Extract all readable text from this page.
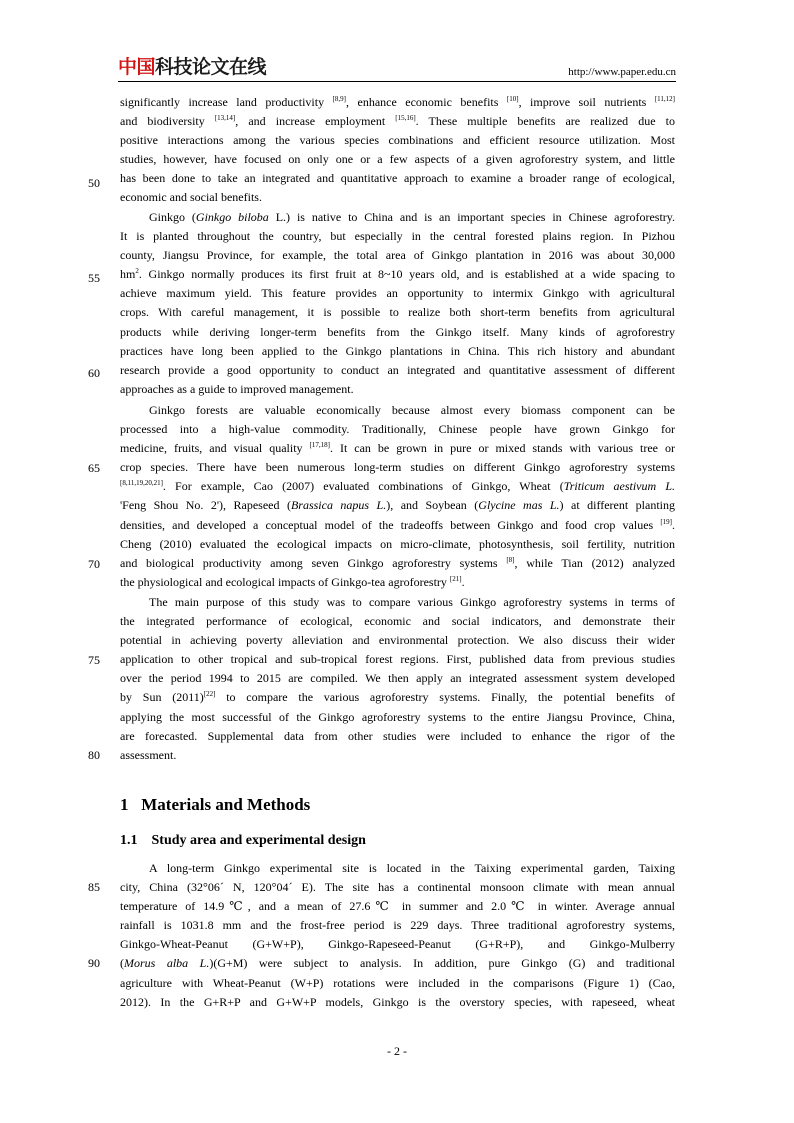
中国科技论文在线	http://www.paper.edu.cn
significantly increase land productivity [8,9], enhance economic benefits [10], improve soil nutrients [11,12]
and biodiversity [13,14], and increase employment [15,16]. These multiple benefits are realized due to
positive interactions among the various species combinations and efficient resource utilization. Most
studies, however, have focused on only one or a few aspects of a given agroforestry system, and little
has been done to take an integrated and quantitative approach to examine a broader range of ecological,
economic and social benefits.
Ginkgo (Ginkgo biloba L.) is native to China and is an important species in Chinese agroforestry.
It is planted throughout the country, but especially in the central forested plains region. In Pizhou
county, Jiangsu Province, for example, the total area of Ginkgo plantation in 2016 was about 30,000
$hm^2$. Ginkgo normally produces its first fruit at 8~10 years old, and is established at a wide spacing to
achieve maximum yield. This feature provides an opportunity to intermix Ginkgo with agricultural
crops. With careful management, it is possible to realize both short-term benefits from agricultural
products while deriving longer-term benefits from the Ginkgo itself. Many kinds of agroforestry
practices have long been applied to the Ginkgo plantations in China. This rich history and abundant
research provide a good opportunity to conduct an integrated and quantitative assessment of different
approaches as a guide to improved management.
Ginkgo forests are valuable economically because almost every biomass component can be
processed into a high-value commodity. Traditionally, Chinese people have grown Ginkgo for
medicine, fruits, and visual quality [17,18]. It can be grown in pure or mixed stands with various tree or
crop species. There have been numerous long-term studies on different Ginkgo agroforestry systems
[8,11,19,20,21]. For example, Cao (2007) evaluated combinations of Ginkgo, Wheat (Triticum aestivum L.
'Feng Shou No. 2'), Rapeseed (Brassica napus L.), and Soybean (Glycine mas L.) at different planting
densities, and developed a conceptual model of the tradeoffs between Ginkgo and food crop values [19].
Cheng (2010) evaluated the ecological impacts on micro-climate, photosynthesis, soil fertility, nutrition
and biological productivity among seven Ginkgo agroforestry systems [8], while Tian (2012) analyzed
the physiological and ecological impacts of Ginkgo-tea agroforestry [21].
The main purpose of this study was to compare various Ginkgo agroforestry systems in terms of
the integrated performance of ecological, economic and social indicators, and demonstrate their
potential in achieving poverty alleviation and environmental protection. We also discuss their wider
application to other tropical and sub-tropical forest regions. First, published data from previous studies
over the period 1994 to 2015 are compiled. We then apply an integrated assessment system developed
by Sun (2011)[22] to compare the various agroforestry systems. Finally, the potential benefits of
applying the most successful of the Ginkgo agroforestry systems to the entire Jiangsu Province, China,
are forecasted. Supplemental data from other studies were included to enhance the rigor of the
assessment.
1   Materials and Methods
1.1    Study area and experimental design
A long-term Ginkgo experimental site is located in the Taixing experimental garden, Taixing
city, China (32°06´ N, 120°04´ E). The site has a continental monsoon climate with mean annual
temperature of 14.9℃, and a mean of 27.6℃ in summer and 2.0℃ in winter. Average annual
rainfall is 1031.8 mm and the frost-free period is 229 days. Three traditional agroforestry systems,
Ginkgo-Wheat-Peanut (G+W+P), Ginkgo-Rapeseed-Peanut (G+R+P), and Ginkgo-Mulberry
(Morus alba L.)(G+M) were subject to analysis. In addition, pure Ginkgo (G) and traditional
agriculture with Wheat-Peanut (W+P) rotations were included in the comparisons (Figure 1) (Cao,
2012). In the G+R+P and G+W+P models, Ginkgo is the overstory species, with rapeseed, wheat
50
55
60
65
70
75
80
85
90
- 2 -
